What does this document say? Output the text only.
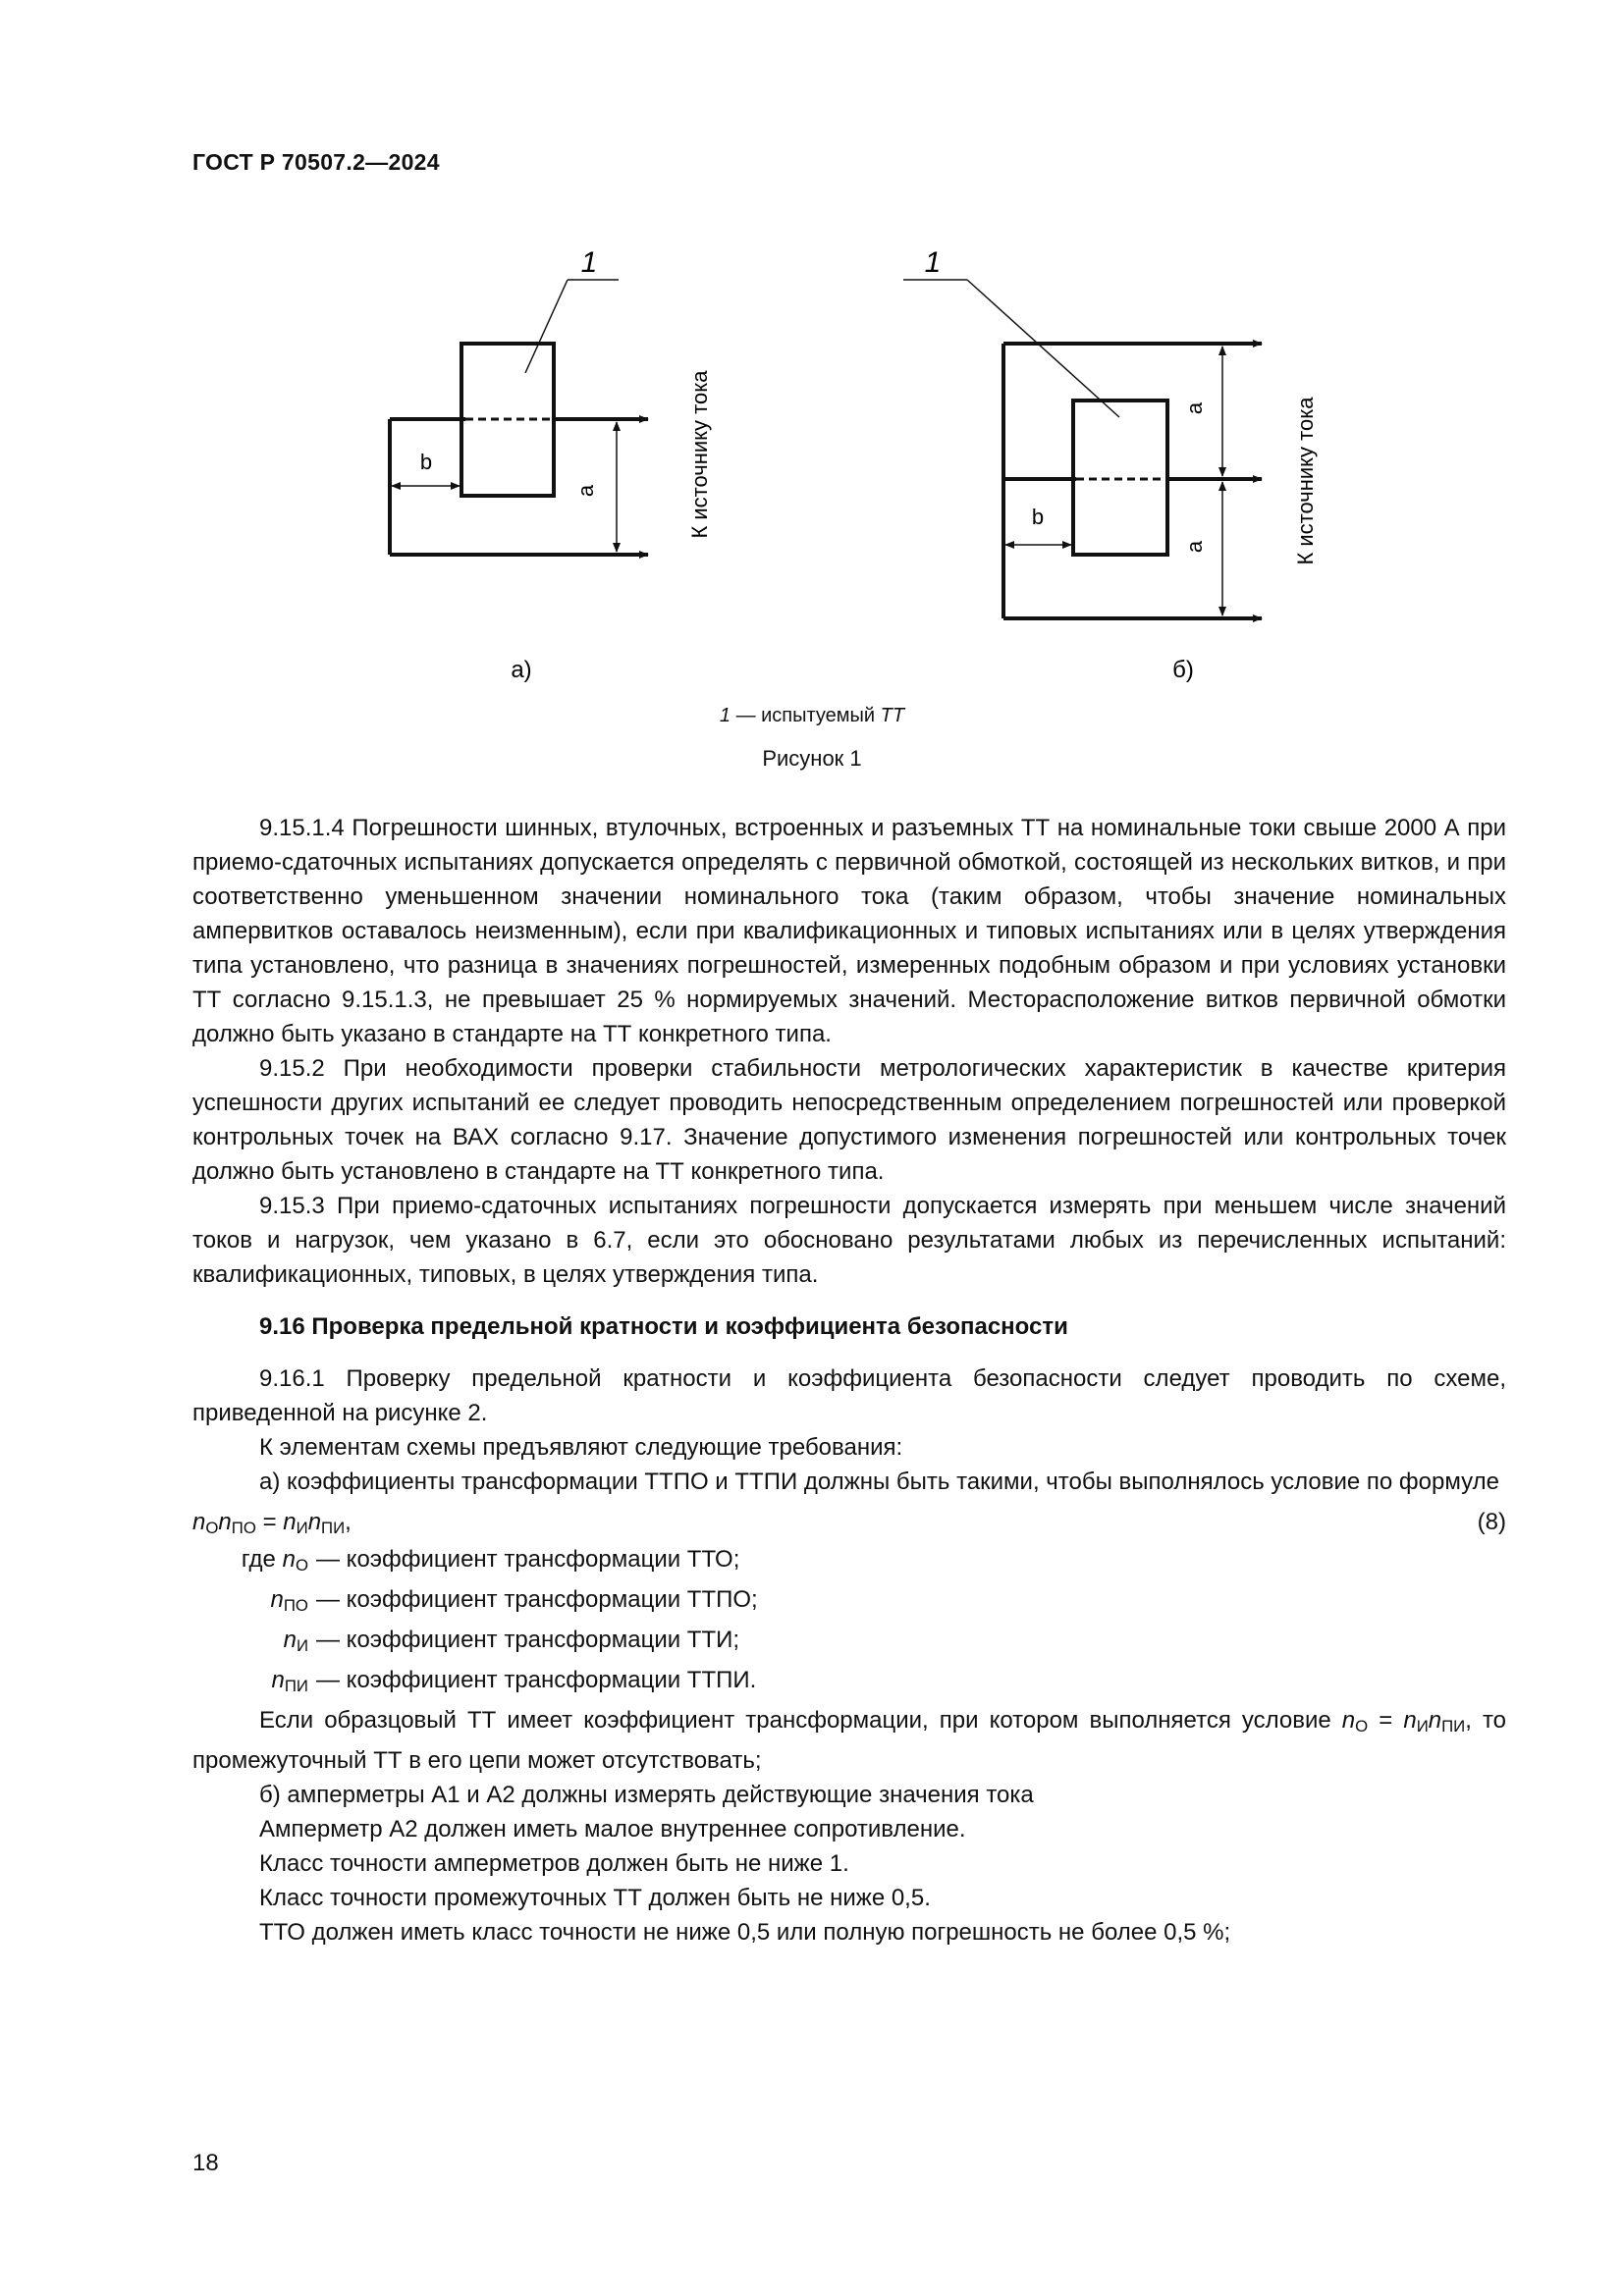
ГОСТ Р 70507.2—2024
1
b
a	К источнику тока
а)
1
b
a
a	К источнику тока
б)
1 — испытуемый ТТ
Рисунок 1

9.15.1.4 Погрешности шинных, втулочных, встроенных и разъемных ТТ на номинальные токи свыше 2000 А при приемо-сдаточных испытаниях допускается определять с первичной обмоткой, состоящей из нескольких витков, и при соответственно уменьшенном значении номинального тока (таким образом, чтобы значение номинальных ампервитков оставалось неизменным), если при квалификационных и типовых испытаниях или в целях утверждения типа установлено, что разница в значениях погрешностей, измеренных подобным образом и при условиях установки ТТ согласно 9.15.1.3, не превышает 25 % нормируемых значений. Месторасположение витков первичной обмотки должно быть указано в стандарте на ТТ конкретного типа.

9.15.2 При необходимости проверки стабильности метрологических характеристик в качестве критерия успешности других испытаний ее следует проводить непосредственным определением погрешностей или проверкой контрольных точек на ВАХ согласно 9.17. Значение допустимого изменения погрешностей или контрольных точек должно быть установлено в стандарте на ТТ конкретного типа.

9.15.3 При приемо-сдаточных испытаниях погрешности допускается измерять при меньшем числе значений токов и нагрузок, чем указано в 6.7, если это обосновано результатами любых из перечисленных испытаний: квалификационных, типовых, в целях утверждения типа.

9.16 Проверка предельной кратности и коэффициента безопасности

9.16.1 Проверку предельной кратности и коэффициента безопасности следует проводить по схеме, приведенной на рисунке 2.

К элементам схемы предъявляют следующие требования:

а) коэффициенты трансформации ТТПО и ТТПИ должны быть такими, чтобы выполнялось условие по формуле

$n_Оn_{ПО} = n_Иn_{ПИ}$,	(8)

где $n_О$	— коэффициент трансформации ТТО;
$n_{ПО}$	— коэффициент трансформации ТТПО;
$n_И$	— коэффициент трансформации ТТИ;
$n_{ПИ}$	— коэффициент трансформации ТТПИ.

Если образцовый ТТ имеет коэффициент трансформации, при котором выполняется условие $n_О = n_Иn_{ПИ}$, то промежуточный ТТ в его цепи может отсутствовать;

б) амперметры А1 и А2 должны измерять действующие значения тока

Амперметр А2 должен иметь малое внутреннее сопротивление.

Класс точности амперметров должен быть не ниже 1.

Класс точности промежуточных ТТ должен быть не ниже 0,5.

ТТО должен иметь класс точности не ниже 0,5 или полную погрешность не более 0,5 %;

18
